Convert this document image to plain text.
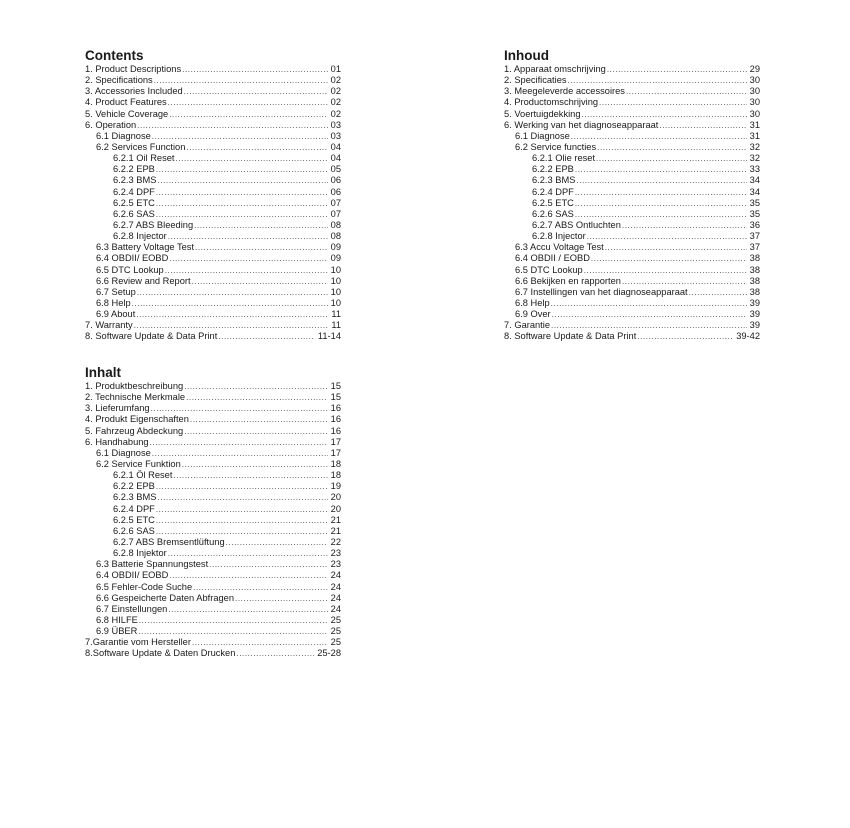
Contents
1. Product Descriptions .....	01
2. Specifications .....	02
3. Accessories Included .....	02
4. Product Features .....	02
5. Vehicle Coverage .....	02
6. Operation .....	03
6.1 Diagnose .....	03
6.2 Services Function .....	04
6.2.1 Oil Reset .....	04
6.2.2 EPB .....	05
6.2.3 BMS .....	06
6.2.4 DPF .....	06
6.2.5 ETC .....	07
6.2.6 SAS .....	07
6.2.7 ABS Bleeding .....	08
6.2.8 Injector .....	08
6.3 Battery Voltage Test .....	09
6.4 OBDII/ EOBD .....	09
6.5 DTC Lookup .....	10
6.6 Review and Report .....	10
6.7 Setup .....	10
6.8 Help .....	10
6.9 About .....	11
7. Warranty .....	11
8. Software Update & Data Print .....	11-14
Inhoud
1. Apparaat omschrijving .....	29
2. Specificaties .....	30
3. Meegeleverde accessoires .....	30
4. Productomschrijving .....	30
5. Voertuigdekking .....	30
6. Werking van het diagnoseapparaat .....	31
6.1 Diagnose .....	31
6.2 Service functies .....	32
6.2.1 Olie reset .....	32
6.2.2 EPB .....	33
6.2.3 BMS .....	34
6.2.4 DPF .....	34
6.2.5 ETC .....	35
6.2.6 SAS .....	35
6.2.7 ABS Ontluchten .....	36
6.2.8 Injector .....	37
6.3 Accu Voltage Test .....	37
6.4 OBDII / EOBD .....	38
6.5 DTC Lookup .....	38
6.6 Bekijken en rapporten .....	38
6.7 Instellingen van het diagnoseapparaat .....	38
6.8 Help .....	39
6.9 Over .....	39
7. Garantie .....	39
8. Software Update & Data Print .....	39-42
Inhalt
1. Produktbeschreibung .....	15
2. Technische Merkmale .....	15
3. Lieferumfang .....	16
4. Produkt Eigenschaften .....	16
5. Fahrzeug Abdeckung .....	16
6. Handhabung .....	17
6.1 Diagnose .....	17
6.2 Service Funktion .....	18
6.2.1 Öl Reset .....	18
6.2.2 EPB .....	19
6.2.3 BMS .....	20
6.2.4 DPF .....	20
6.2.5 ETC .....	21
6.2.6 SAS .....	21
6.2.7 ABS Bremsentlüftung .....	22
6.2.8 Injektor .....	23
6.3 Batterie Spannungstest .....	23
6.4 OBDII/ EOBD .....	24
6.5 Fehler-Code Suche .....	24
6.6 Gespeicherte Daten Abfragen .....	24
6.7 Einstellungen .....	24
6.8 HILFE .....	25
6.9 ÜBER .....	25
7.Garantie vom Hersteller .....	25
8.Software Update & Daten Drucken .....	25-28
